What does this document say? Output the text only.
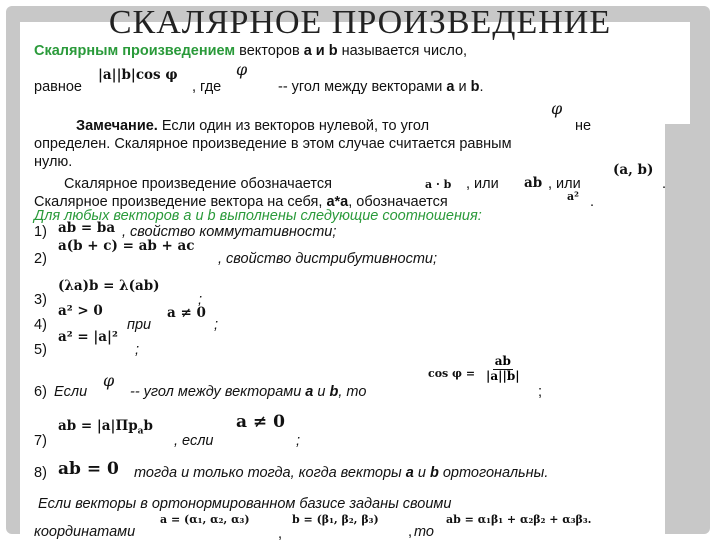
СКАЛЯРНОЕ ПРОИЗВЕДЕНИЕ
Скалярным произведением векторов а и b называется число,
равное
|a||b|cos φ
, где
φ
-- угол между векторами а и b.
φ
Замечание. Если один из векторов нулевой, то угол	не
определен. Скалярное произведение в этом случае считается равным
нулю.
Скалярное произведение обозначается	a · b , или ab , или
(a, b)
.
Скалярное произведение вектора на себя, а*а, обозначается	a² .
Для любых векторов а и b выполнены следующие соотношения:
1) ab = ba , свойство коммутативности;
2)
a(b + c) = ab + ac
, свойство дистрибутивности;
3)
(λa)b = λ(ab)
;
4)
a² > 0
при
a ≠ 0
;
5)
a² = |a|²
;
φ
6) Если	-- угол между векторами а и b, то
$\cos \varphi = \frac{ab}{|a||b|}$
;
7)
ab = $|a|Пр_ab$
, если
a ≠ 0
;
8) ab = 0 тогда и только тогда, когда векторы а и b ортогональны.
Если векторы в ортонормированном базисе заданы своими
координатами
a = (α₁, α₂, α₃)
,
b = (β₁, β₂, β₃)
, то
ab = α₁β₁ + α₂β₂ + α₃β₃.
